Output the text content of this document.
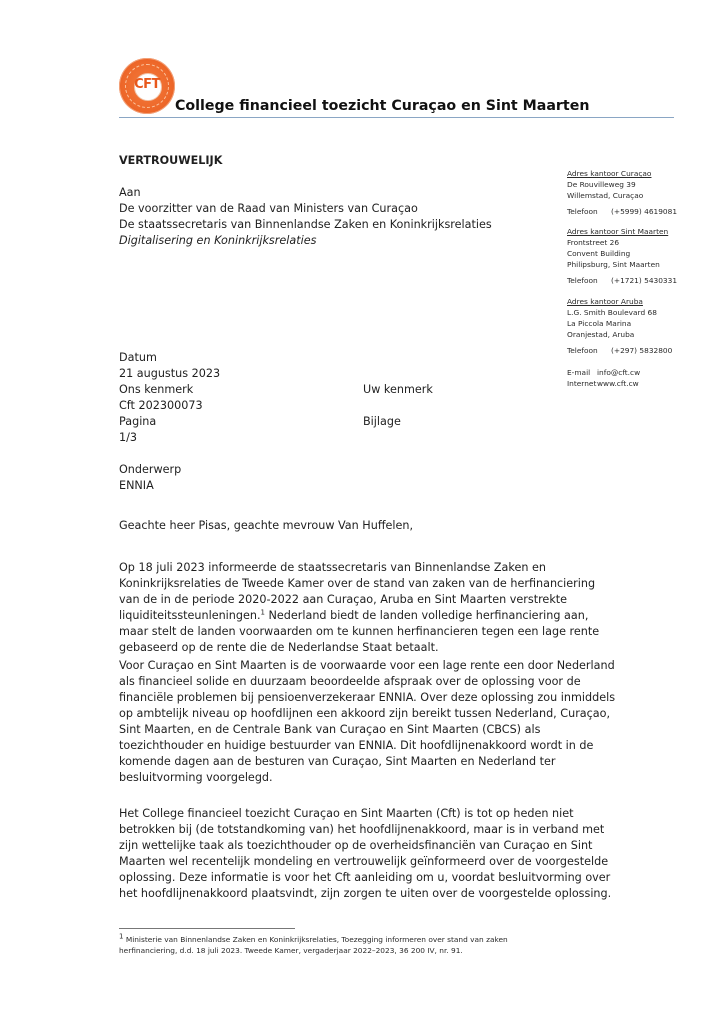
CFT
College financieel toezicht Curaçao en Sint Maarten
VERTROUWELIJK
Aan
De voorzitter van de Raad van Ministers van Curaçao
De staatssecretaris van Binnenlandse Zaken en Koninkrijksrelaties
Digitalisering en Koninkrijksrelaties
Adres kantoor Curaçao
De Rouvilleweg 39
Willemstad, Curaçao
Telefoon (+5999) 4619081
Adres kantoor Sint Maarten
Frontstreet 26
Convent Building
Philipsburg, Sint Maarten
Telefoon (+1721) 5430331
Adres kantoor Aruba
L.G. Smith Boulevard 68
La Piccola Marina
Oranjestad, Aruba
Telefoon (+297) 5832800
E-mail info@cft.cw
Internetwww.cft.cw
Datum
21 augustus 2023
Ons kenmerk	Uw kenmerk
Cft 202300073
Pagina	Bijlage
1/3
Onderwerp
ENNIA
Geachte heer Pisas, geachte mevrouw Van Huffelen,
Op 18 juli 2023 informeerde de staatssecretaris van Binnenlandse Zaken en
Koninkrijksrelaties de Tweede Kamer over de stand van zaken van de herfinanciering
van de in de periode 2020-2022 aan Curaçao, Aruba en Sint Maarten verstrekte
liquiditeitssteunleningen.$^1$ Nederland biedt de landen volledige herfinanciering aan,
maar stelt de landen voorwaarden om te kunnen herfinancieren tegen een lage rente
gebaseerd op de rente die de Nederlandse Staat betaalt.
Voor Curaçao en Sint Maarten is de voorwaarde voor een lage rente een door Nederland
als financieel solide en duurzaam beoordeelde afspraak over de oplossing voor de
financiële problemen bij pensioenverzekeraar ENNIA. Over deze oplossing zou inmiddels
op ambtelijk niveau op hoofdlijnen een akkoord zijn bereikt tussen Nederland, Curaçao,
Sint Maarten, en de Centrale Bank van Curaçao en Sint Maarten (CBCS) als
toezichthouder en huidige bestuurder van ENNIA. Dit hoofdlijnenakkoord wordt in de
komende dagen aan de besturen van Curaçao, Sint Maarten en Nederland ter
besluitvorming voorgelegd.
Het College financieel toezicht Curaçao en Sint Maarten (Cft) is tot op heden niet
betrokken bij (de totstandkoming van) het hoofdlijnenakkoord, maar is in verband met
zijn wettelijke taak als toezichthouder op de overheidsfinanciën van Curaçao en Sint
Maarten wel recentelijk mondeling en vertrouwelijk geïnformeerd over de voorgestelde
oplossing. Deze informatie is voor het Cft aanleiding om u, voordat besluitvorming over
het hoofdlijnenakkoord plaatsvindt, zijn zorgen te uiten over de voorgestelde oplossing.
$^1$ Ministerie van Binnenlandse Zaken en Koninkrijksrelaties, Toezegging informeren over stand van zaken
herfinanciering, d.d. 18 juli 2023. Tweede Kamer, vergaderjaar 2022–2023, 36 200 IV, nr. 91.
